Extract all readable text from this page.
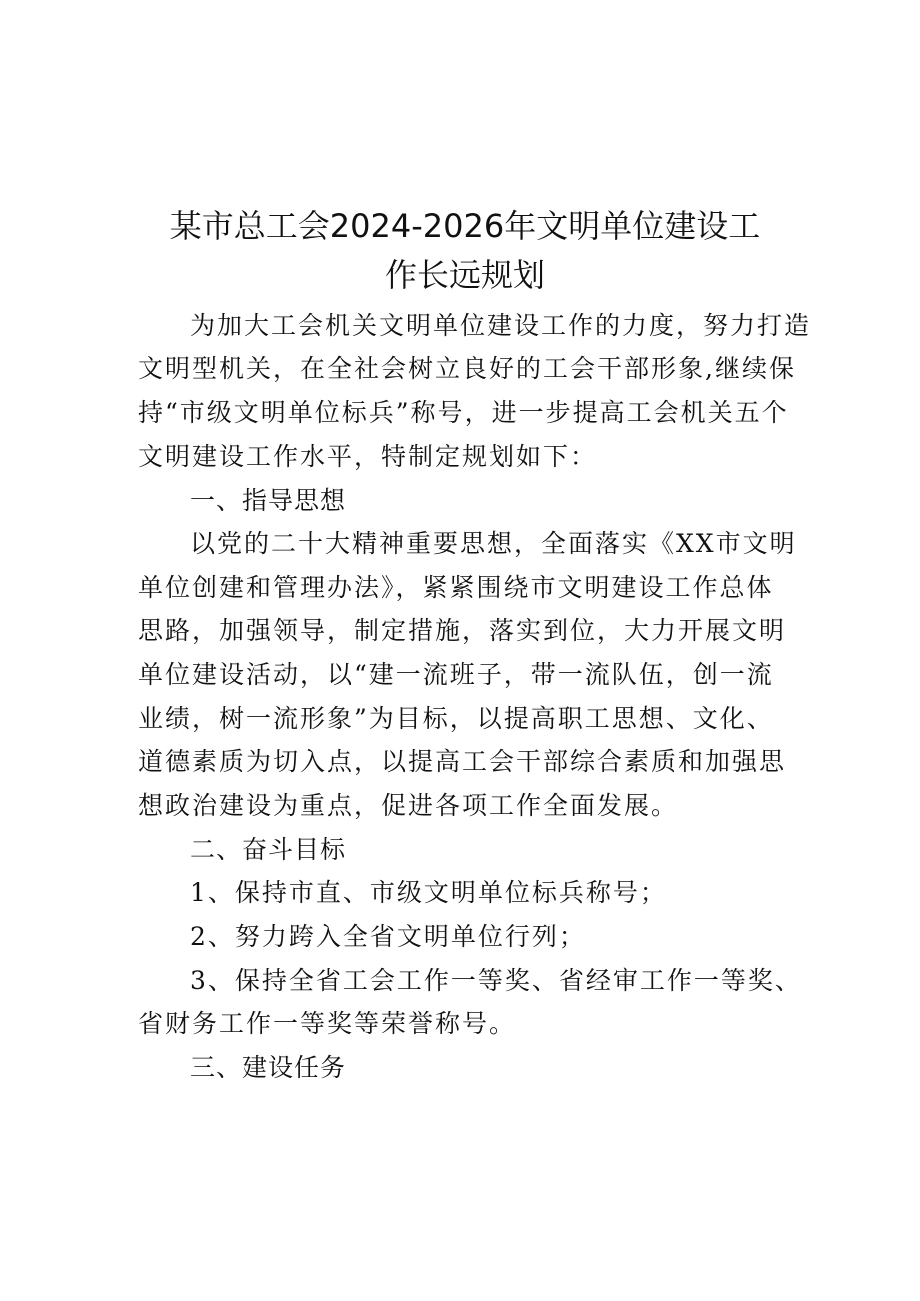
某市总工会2024-2026年文明单位建设工
作长远规划
为加大工会机关文明单位建设工作的力度，努力打造
文明型机关，在全社会树立良好的工会干部形象,继续保
持“市级文明单位标兵”称号，进一步提高工会机关五个
文明建设工作水平，特制定规划如下：
一、指导思想
以党的二十大精神重要思想，全面落实《XX市文明
单位创建和管理办法》，紧紧围绕市文明建设工作总体
思路，加强领导，制定措施，落实到位，大力开展文明
单位建设活动，以“建一流班子，带一流队伍，创一流
业绩，树一流形象”为目标，以提高职工思想、文化、
道德素质为切入点，以提高工会干部综合素质和加强思
想政治建设为重点，促进各项工作全面发展。
二、奋斗目标
1、保持市直、市级文明单位标兵称号；
2、努力跨入全省文明单位行列；
3、保持全省工会工作一等奖、省经审工作一等奖、
省财务工作一等奖等荣誉称号。
三、建设任务
